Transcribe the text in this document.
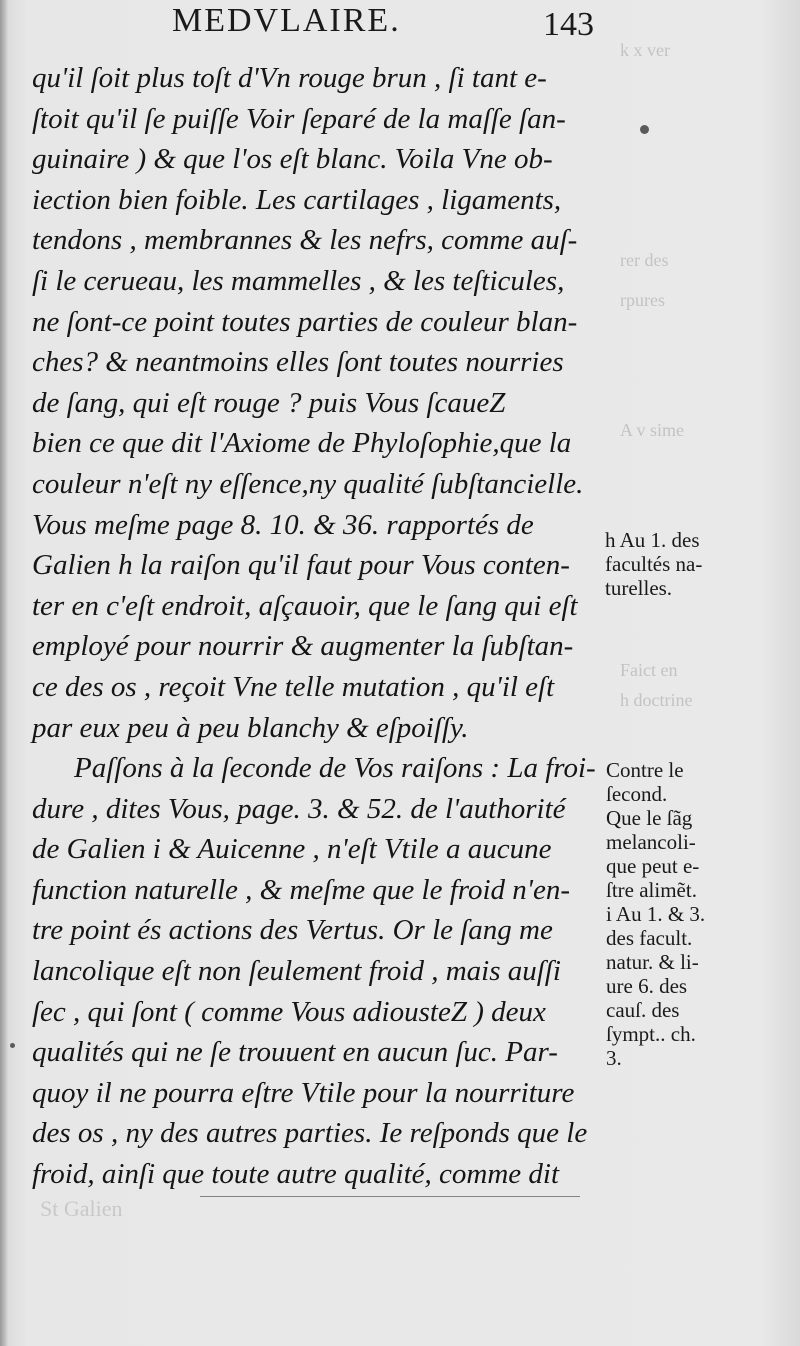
k x ver
rer des
rpures
A v sime
Faict en
h doctrine
St Galien
MEDVLAIRE.	143
qu'il ſoit plus toſt d'Vn rouge brun , ſi tant e-
ſtoit qu'il ſe puiſſe Voir ſeparé de la maſſe ſan-
guinaire ) & que l'os eſt blanc. Voila Vne ob-
iection bien foible. Les cartilages , ligaments,
tendons , membrannes & les nefrs, comme auſ-
ſi le cerueau, les mammelles , & les teſticules,
ne ſont-ce point toutes parties de couleur blan-
ches? & neantmoins elles ſont toutes nourries
de ſang, qui eſt rouge ? puis Vous ſcaueZ
bien ce que dit l'Axiome de Phyloſophie,que la
couleur n'eſt ny eſſence,ny qualité ſubſtancielle.
Vous meſme page 8. 10. & 36. rapportés de
Galien h la raiſon qu'il faut pour Vous conten-
ter en c'eſt endroit, aſçauoir, que le ſang qui eſt
employé pour nourrir & augmenter la ſubſtan-
ce des os , reçoit Vne telle mutation , qu'il eſt
par eux peu à peu blanchy & eſpoiſſy.
Paſſons à la ſeconde de Vos raiſons : La froi-
dure , dites Vous, page. 3. & 52. de l'authorité
de Galien i & Auicenne , n'eſt Vtile a aucune
function naturelle , & meſme que le froid n'en-
tre point és actions des Vertus. Or le ſang me
lancolique eſt non ſeulement froid , mais auſſi
ſec , qui ſont ( comme Vous adiousteZ ) deux
qualités qui ne ſe trouuent en aucun ſuc. Par-
quoy il ne pourra eſtre Vtile pour la nourriture
des os , ny des autres parties. Ie reſponds que le
froid, ainſi que toute autre qualité, comme dit
h Au 1. des
facultés na-
turelles.
Contre le
ſecond.
Que le ſãg
melancoli-
que peut e-
ſtre alimẽt.
i Au 1. & 3.
des facult.
natur. & li-
ure 6. des
cauſ. des
ſympt.. ch.
3.
